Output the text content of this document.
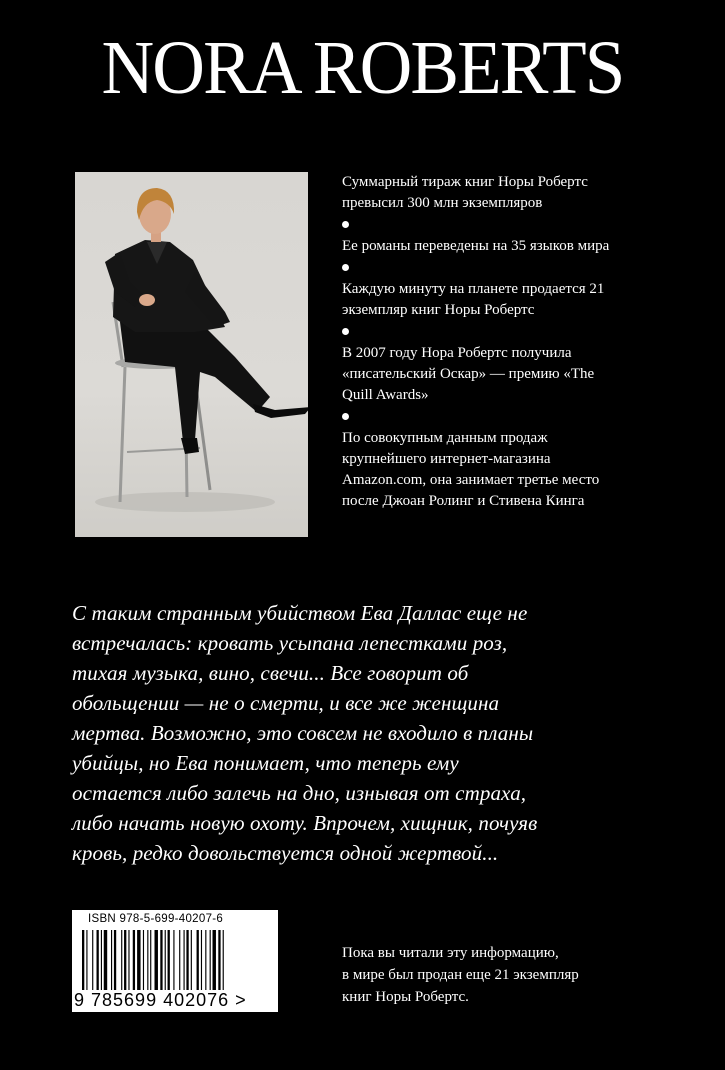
NORA ROBERTS

Суммарный тираж книг Норы Робертс превысил 300 млн экземпляров

Ее романы переведены на 35 языков мира

Каждую минуту на планете продается 21 экземпляр книг Норы Робертс

В 2007 году Нора Робертс получила «писательский Оскар» — премию «The Quill Awards»

По совокупным данным продаж крупнейшего интернет-магазина Amazon.com, она занимает третье место после Джоан Ролинг и Стивена Кинга

С таким странным убийством Ева Даллас еще не
встречалась: кровать усыпана лепестками роз,
тихая музыка, вино, свечи... Все говорит об
обольщении — не о смерти, и все же женщина
мертва. Возможно, это совсем не входило в планы
убийцы, но Ева понимает, что теперь ему
остается либо залечь на дно, изнывая от страха,
либо начать новую охоту. Впрочем, хищник, почуяв
кровь, редко довольствуется одной жертвой...
ISBN 978-5-699-40207-6
9 785699 402076 >
Пока вы читали эту информацию,
в мире был продан еще 21 экземпляр
книг Норы Робертс.
